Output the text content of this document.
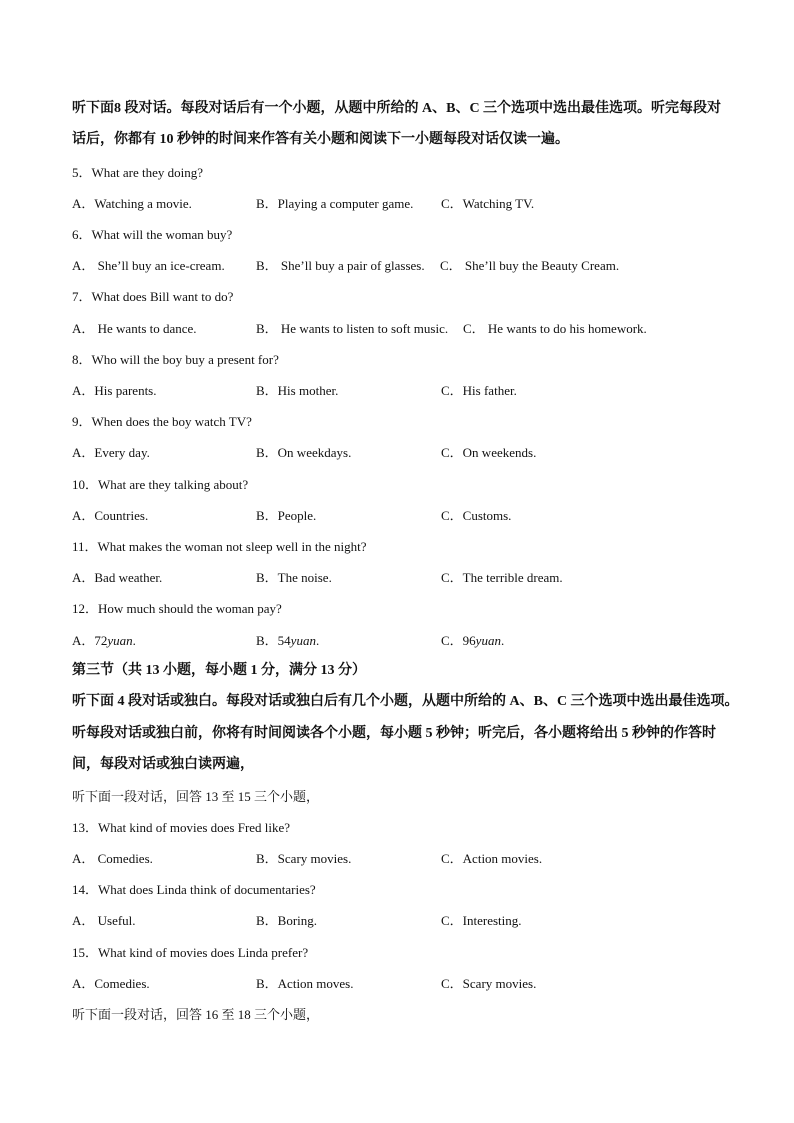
听下面8 段对话。每段对话后有一个小题，从题中所给的 A、B、C 三个选项中选出最佳选项。听完每段对
话后，你都有 10 秒钟的时间来作答有关小题和阅读下一小题每段对话仅读一遍。
5．What are they doing?
A．Watching a movie.	B．Playing a computer game. C．Watching TV.
6．What will the woman buy?
A． She’ll buy an ice-cream. B． She’ll buy a pair of glasses. C． She’ll buy the Beauty Cream.
7．What does Bill want to do?
A． He wants to dance.	B． He wants to listen to soft music. C． He wants to do his homework.
8．Who will the boy buy a present for?
A．His parents.	B．His mother.	C．His father.
9．When does the boy watch TV?
A．Every day.	B．On weekdays.	C．On weekends.
10．What are they talking about?
A．Countries.	B．People.	C．Customs.
11．What makes the woman not sleep well in the night?
A．Bad weather.	B．The noise.	C．The terrible dream.
12．How much should the woman pay?
A．72yuan.	B．54yuan.	C．96yuan.
第三节（共 13 小题，每小题 1 分，满分 13 分）
听下面 4 段对话或独白。每段对话或独白后有几个小题，从题中所给的 A、B、C 三个选项中选出最佳选项。
听每段对话或独白前，你将有时间阅读各个小题，每小题 5 秒钟；听完后，各小题将给出 5 秒钟的作答时
间，每段对话或独白读两遍，
听下面一段对话，回答 13 至 15 三个小题，
13．What kind of movies does Fred like?
A． Comedies.	B．Scary movies.	C．Action movies.
14．What does Linda think of documentaries?
A． Useful.	B．Boring.	C．Interesting.
15．What kind of movies does Linda prefer?
A．Comedies.	B．Action moves.	C．Scary movies.
听下面一段对话，回答 16 至 18 三个小题，
